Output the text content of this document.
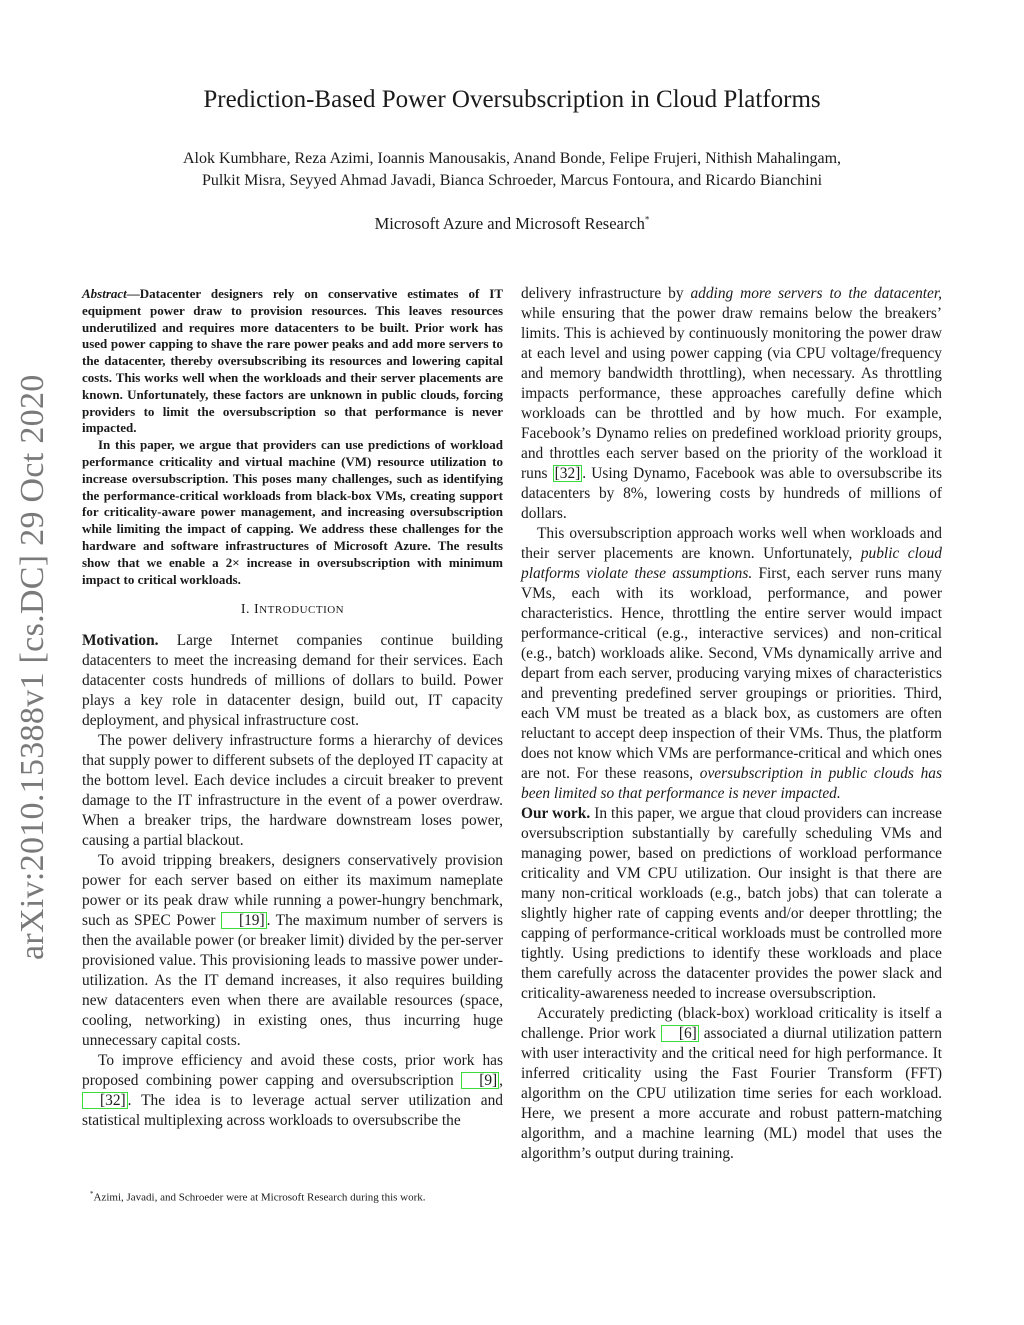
arXiv:2010.15388v1 [cs.DC] 29 Oct 2020
Prediction-Based Power Oversubscription in Cloud Platforms
Alok Kumbhare, Reza Azimi, Ioannis Manousakis, Anand Bonde, Felipe Frujeri, Nithish Mahalingam,
Pulkit Misra, Seyyed Ahmad Javadi, Bianca Schroeder, Marcus Fontoura, and Ricardo Bianchini
Microsoft Azure and Microsoft Research*

Abstract—Datacenter designers rely on conservative estimates of IT equipment power draw to provision resources. This leaves resources underutilized and requires more datacenters to be built. Prior work has used power capping to shave the rare power peaks and add more servers to the datacenter, thereby oversubscribing its resources and lowering capital costs. This works well when the workloads and their server placements are known. Unfortunately, these factors are unknown in public clouds, forcing providers to limit the oversubscription so that performance is never impacted.

In this paper, we argue that providers can use predictions of workload performance criticality and virtual machine (VM) resource utilization to increase oversubscription. This poses many challenges, such as identifying the performance-critical workloads from black-box VMs, creating support for criticality-aware power management, and increasing oversubscription while limiting the impact of capping. We address these challenges for the hardware and software infrastructures of Microsoft Azure. The results show that we enable a 2× increase in oversubscription with minimum impact to critical workloads.

I. INTRODUCTION

Motivation. Large Internet companies continue building datacenters to meet the increasing demand for their services. Each datacenter costs hundreds of millions of dollars to build. Power plays a key role in datacenter design, build out, IT capacity deployment, and physical infrastructure cost.

The power delivery infrastructure forms a hierarchy of devices that supply power to different subsets of the deployed IT capacity at the bottom level. Each device includes a circuit breaker to prevent damage to the IT infrastructure in the event of a power overdraw. When a breaker trips, the hardware downstream loses power, causing a partial blackout.

To avoid tripping breakers, designers conservatively provision power for each server based on either its maximum nameplate power or its peak draw while running a power-hungry benchmark, such as SPEC Power [19] . The maximum number of servers is then the available power (or breaker limit) divided by the per-server provisioned value. This provisioning leads to massive power under-utilization. As the IT demand increases, it also requires building new datacenters even when there are available resources (space, cooling, networking) in existing ones, thus incurring huge unnecessary capital costs.

To improve efficiency and avoid these costs, prior work has proposed combining power capping and oversubscription [9] , [32] . The idea is to leverage actual server utilization and statistical multiplexing across workloads to oversubscribe the

*Azimi, Javadi, and Schroeder were at Microsoft Research during this work.

delivery infrastructure by adding more servers to the datacenter, while ensuring that the power draw remains below the breakers’ limits. This is achieved by continuously monitoring the power draw at each level and using power capping (via CPU voltage/frequency and memory bandwidth throttling), when necessary. As throttling impacts performance, these approaches carefully define which workloads can be throttled and by how much. For example, Facebook’s Dynamo relies on predefined workload priority groups, and throttles each server based on the priority of the workload it runs [32] . Using Dynamo, Facebook was able to oversubscribe its datacenters by 8%, lowering costs by hundreds of millions of dollars.

This oversubscription approach works well when workloads and their server placements are known. Unfortunately, public cloud platforms violate these assumptions. First, each server runs many VMs, each with its workload, performance, and power characteristics. Hence, throttling the entire server would impact performance-critical (e.g., interactive services) and non-critical (e.g., batch) workloads alike. Second, VMs dynamically arrive and depart from each server, producing varying mixes of characteristics and preventing predefined server groupings or priorities. Third, each VM must be treated as a black box, as customers are often reluctant to accept deep inspection of their VMs. Thus, the platform does not know which VMs are performance-critical and which ones are not. For these reasons, oversubscription in public clouds has been limited so that performance is never impacted.

Our work. In this paper, we argue that cloud providers can increase oversubscription substantially by carefully scheduling VMs and managing power, based on predictions of workload performance criticality and VM CPU utilization. Our insight is that there are many non-critical workloads (e.g., batch jobs) that can tolerate a slightly higher rate of capping events and/or deeper throttling; the capping of performance-critical workloads must be controlled more tightly. Using predictions to identify these workloads and place them carefully across the datacenter provides the power slack and criticality-awareness needed to increase oversubscription.

Accurately predicting (black-box) workload criticality is itself a challenge. Prior work [6] associated a diurnal utilization pattern with user interactivity and the critical need for high performance. It inferred criticality using the Fast Fourier Transform (FFT) algorithm on the CPU utilization time series for each workload. Here, we present a more accurate and robust pattern-matching algorithm, and a machine learning (ML) model that uses the algorithm’s output during training.
